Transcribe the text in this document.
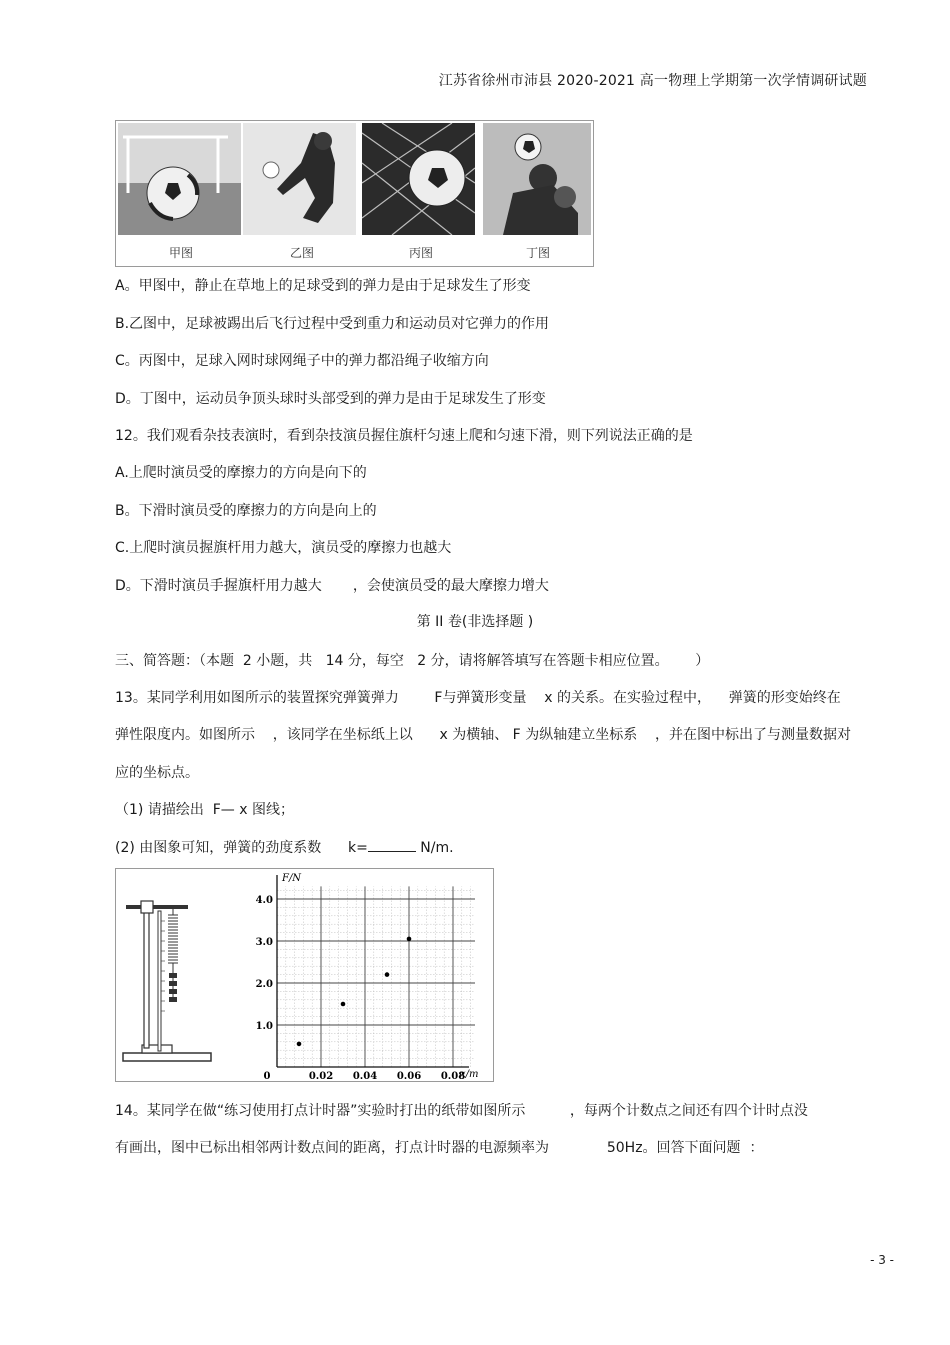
江苏省徐州市沛县 2020-2021 高一物理上学期第一次学情调研试题
甲图	乙图	丙图	丁图
A。甲图中，静止在草地上的足球受到的弹力是由于足球发生了形变
B.乙图中，足球被踢出后飞行过程中受到重力和运动员对它弹力的作用
C。丙图中，足球入网时球网绳子中的弹力都沿绳子收缩方向
D。丁图中，运动员争顶头球时头部受到的弹力是由于足球发生了形变
12。我们观看杂技表演时，看到杂技演员握住旗杆匀速上爬和匀速下滑，则下列说法正确的是
A.上爬时演员受的摩擦力的方向是向下的
B。下滑时演员受的摩擦力的方向是向上的
C.上爬时演员握旗杆用力越大，演员受的摩擦力也越大
D。下滑时演员手握旗杆用力越大       ，会使演员受的最大摩擦力增大
第 II 卷(非选择题 )
三、简答题：（本题  2 小题，共   14 分，每空   2 分，请将解答填写在答题卡相应位置。      ）
13。某同学利用如图所示的装置探究弹簧弹力        F与弹簧形变量    x 的关系。在实验过程中，    弹簧的形变始终在
弹性限度内。如图所示    ，该同学在坐标纸上以      x 为横轴、 F 为纵轴建立坐标系    ，并在图中标出了与测量数据对
应的坐标点。
（1) 请描绘出  F— x 图线；
(2) 由图象可知，弹簧的劲度系数      k=	N/m.
F/N
x/m
0	0.02 0.04 0.06 0.08
1.0
2.0
3.0
4.0
14。某同学在做“练习使用打点计时器”实验时打出的纸带如图所示          ，每两个计数点之间还有四个计时点没
有画出，图中已标出相邻两计数点间的距离，打点计时器的电源频率为             50Hz。回答下面问题  ：
- 3 -
